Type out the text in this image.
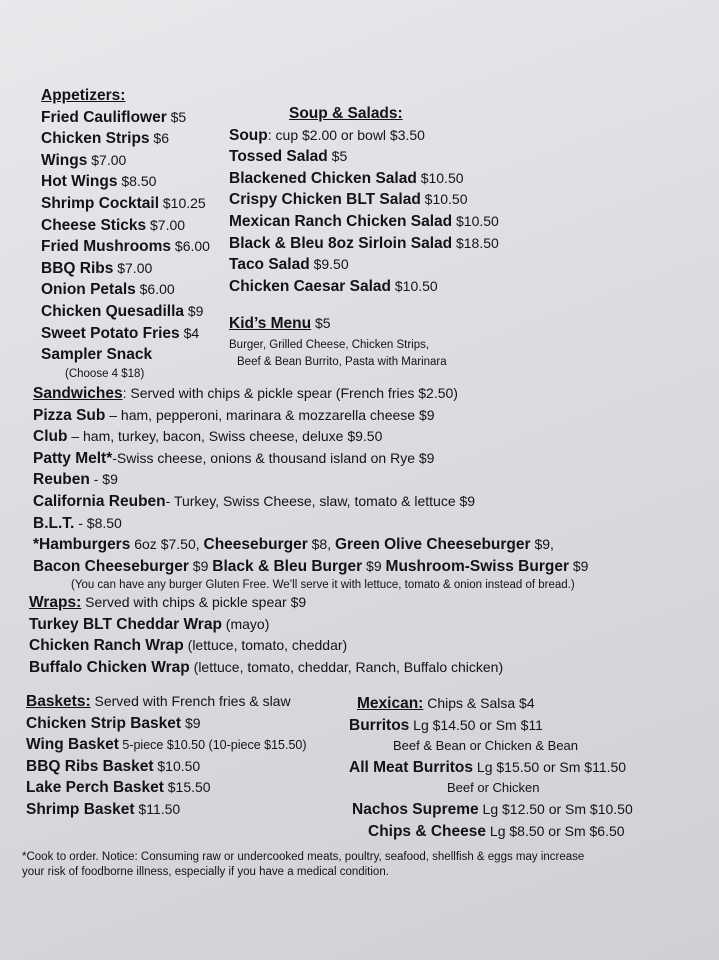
Appetizers:
Fried Cauliflower $5
Chicken Strips $6
Wings $7.00
Hot Wings $8.50
Shrimp Cocktail $10.25
Cheese Sticks $7.00
Fried Mushrooms $6.00
BBQ Ribs $7.00
Onion Petals $6.00
Chicken Quesadilla $9
Sweet Potato Fries $4
Sampler Snack
(Choose 4 $18)
Soup & Salads:
Soup: cup $2.00 or bowl $3.50
Tossed Salad $5
Blackened Chicken Salad $10.50
Crispy Chicken BLT Salad $10.50
Mexican Ranch Chicken Salad $10.50
Black & Bleu 8oz Sirloin Salad $18.50
Taco Salad $9.50
Chicken Caesar Salad $10.50
Kid’s Menu $5
Burger, Grilled Cheese, Chicken Strips,
Beef & Bean Burrito, Pasta with Marinara
Sandwiches: Served with chips & pickle spear (French fries $2.50)
Pizza Sub – ham, pepperoni, marinara & mozzarella cheese $9
Club – ham, turkey, bacon, Swiss cheese, deluxe $9.50
Patty Melt*-Swiss cheese, onions & thousand island on Rye $9
Reuben - $9
California Reuben- Turkey, Swiss Cheese, slaw, tomato & lettuce $9
B.L.T. - $8.50
*Hamburgers 6oz $7.50, Cheeseburger $8, Green Olive Cheeseburger $9,
Bacon Cheeseburger $9 Black & Bleu Burger $9 Mushroom-Swiss Burger $9
(You can have any burger Gluten Free. We’ll serve it with lettuce, tomato & onion instead of bread.)
Wraps: Served with chips & pickle spear $9
Turkey BLT Cheddar Wrap (mayo)
Chicken Ranch Wrap (lettuce, tomato, cheddar)
Buffalo Chicken Wrap (lettuce, tomato, cheddar, Ranch, Buffalo chicken)
Baskets: Served with French fries & slaw
Chicken Strip Basket $9
Wing Basket 5-piece $10.50 (10-piece $15.50)
BBQ Ribs Basket $10.50
Lake Perch Basket $15.50
Shrimp Basket $11.50
Mexican: Chips & Salsa $4
Burritos Lg $14.50 or Sm $11
Beef & Bean or Chicken & Bean
All Meat Burritos Lg $15.50 or Sm $11.50
Beef or Chicken
Nachos Supreme Lg $12.50 or Sm $10.50
Chips & Cheese Lg $8.50 or Sm $6.50
*Cook to order. Notice: Consuming raw or undercooked meats, poultry, seafood, shellfish & eggs may increase
your risk of foodborne illness, especially if you have a medical condition.
